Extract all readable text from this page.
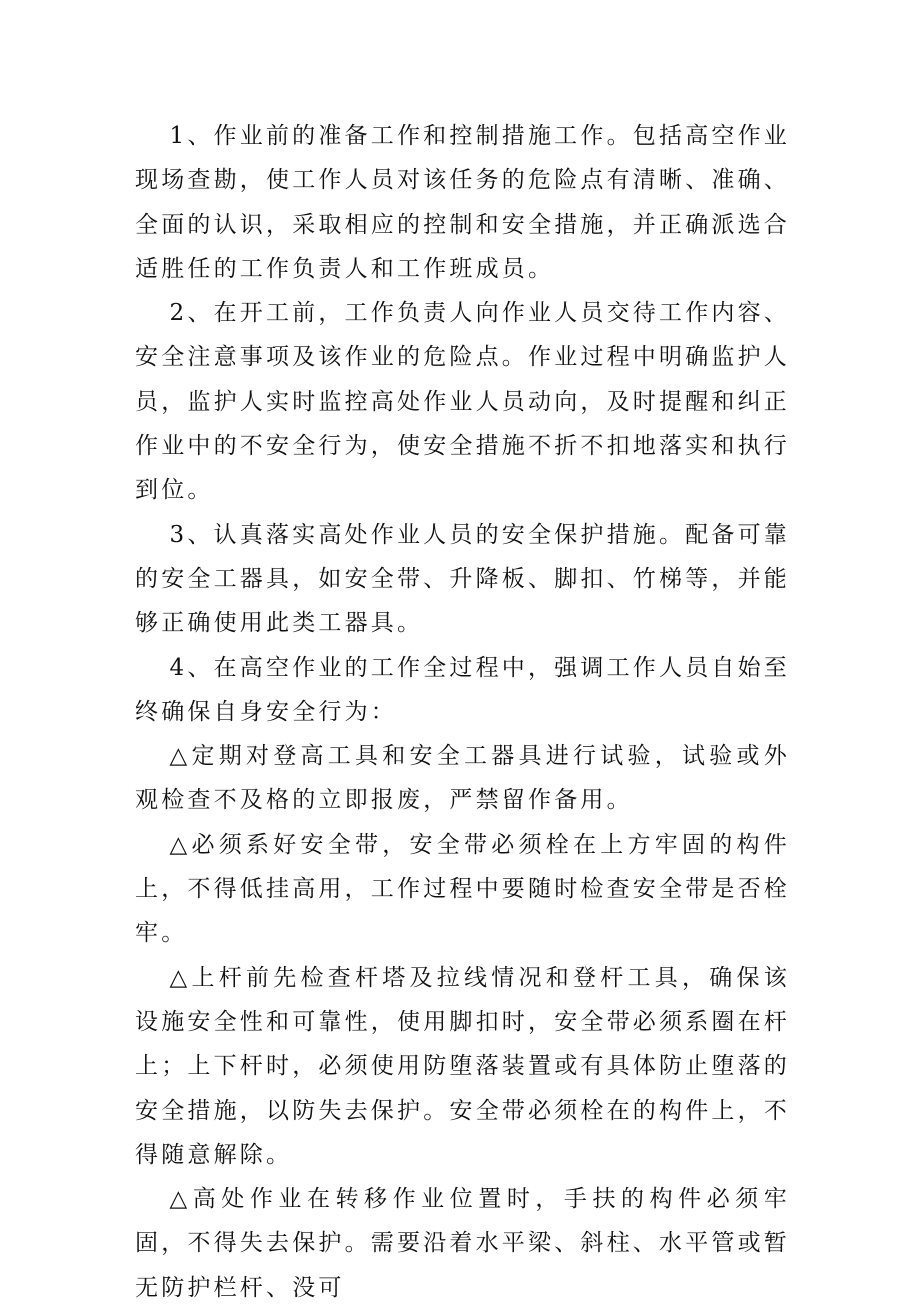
1、作业前的准备工作和控制措施工作。包括高空作业现场查勘，使工作人员对该任务的危险点有清晰、准确、全面的认识，采取相应的控制和安全措施，并正确派选合适胜任的工作负责人和工作班成员。

2、在开工前，工作负责人向作业人员交待工作内容、安全注意事项及该作业的危险点。作业过程中明确监护人员，监护人实时监控高处作业人员动向，及时提醒和纠正作业中的不安全行为，使安全措施不折不扣地落实和执行到位。

3、认真落实高处作业人员的安全保护措施。配备可靠的安全工器具，如安全带、升降板、脚扣、竹梯等，并能够正确使用此类工器具。

4、在高空作业的工作全过程中，强调工作人员自始至终确保自身安全行为：

△定期对登高工具和安全工器具进行试验，试验或外观检查不及格的立即报废，严禁留作备用。

△必须系好安全带，安全带必须栓在上方牢固的构件上，不得低挂高用，工作过程中要随时检查安全带是否栓牢。

△上杆前先检查杆塔及拉线情况和登杆工具，确保该设施安全性和可靠性，使用脚扣时，安全带必须系圈在杆上；上下杆时，必须使用防堕落装置或有具体防止堕落的安全措施，以防失去保护。安全带必须栓在的构件上，不得随意解除。

△高处作业在转移作业位置时，手扶的构件必须牢固，不得失去保护。需要沿着水平梁、斜柱、水平管或暂无防护栏杆、没可
